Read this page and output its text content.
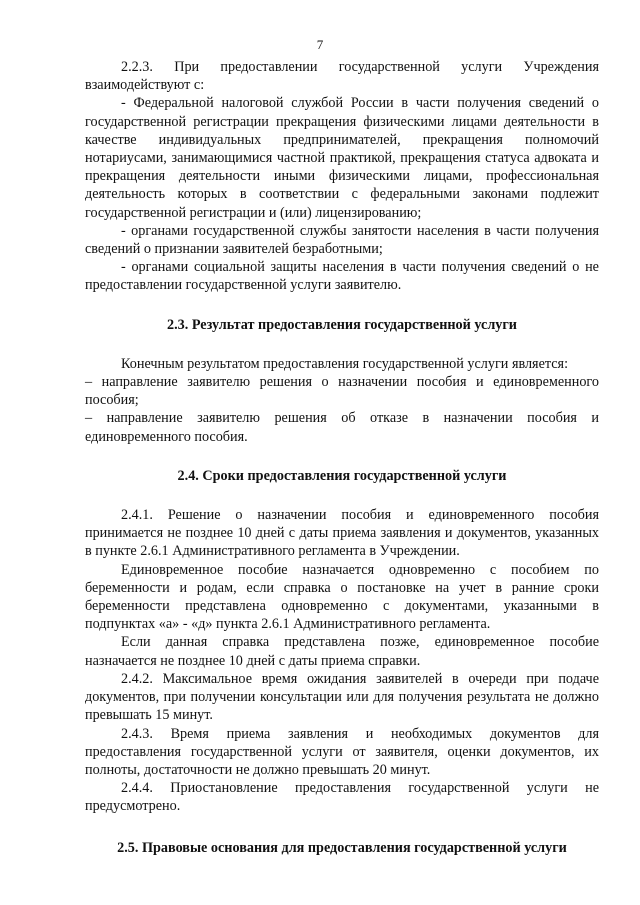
7

2.2.3. При предоставлении государственной услуги Учреждения взаимодействуют с:

- Федеральной налоговой службой России в части получения сведений о государственной регистрации прекращения физическими лицами деятельности в качестве индивидуальных предпринимателей, прекращения полномочий нотариусами, занимающимися частной практикой, прекращения статуса адвоката и прекращения деятельности иными физическими лицами, профессиональная деятельность которых в соответствии с федеральными законами подлежит государственной регистрации и (или) лицензированию;

- органами государственной службы занятости населения в части получения сведений о признании заявителей безработными;

- органами социальной защиты населения в части получения сведений о не предоставлении государственной услуги заявителю.

2.3. Результат предоставления государственной услуги

Конечным результатом предоставления государственной услуги является:

– направление заявителю решения о назначении пособия и единовременного пособия;

– направление заявителю решения об отказе в назначении пособия и единовременного пособия.

2.4. Сроки предоставления государственной услуги

2.4.1. Решение о назначении пособия и единовременного пособия принимается не позднее 10 дней с даты приема заявления и документов, указанных в пункте 2.6.1 Административного регламента в Учреждении.

Единовременное пособие назначается одновременно с пособием по беременности и родам, если справка о постановке на учет в ранние сроки беременности представлена одновременно с документами, указанными в подпунктах «а» - «д» пункта 2.6.1 Административного регламента.

Если данная справка представлена позже, единовременное пособие назначается не позднее 10 дней с даты приема справки.

2.4.2. Максимальное время ожидания заявителей в очереди при подаче документов, при получении консультации или для получения результата не должно превышать 15 минут.

2.4.3. Время приема заявления и необходимых документов для предоставления государственной услуги от заявителя, оценки документов, их полноты, достаточности не должно превышать 20 минут.

2.4.4. Приостановление предоставления государственной услуги не предусмотрено.

2.5. Правовые основания для предоставления государственной услуги
